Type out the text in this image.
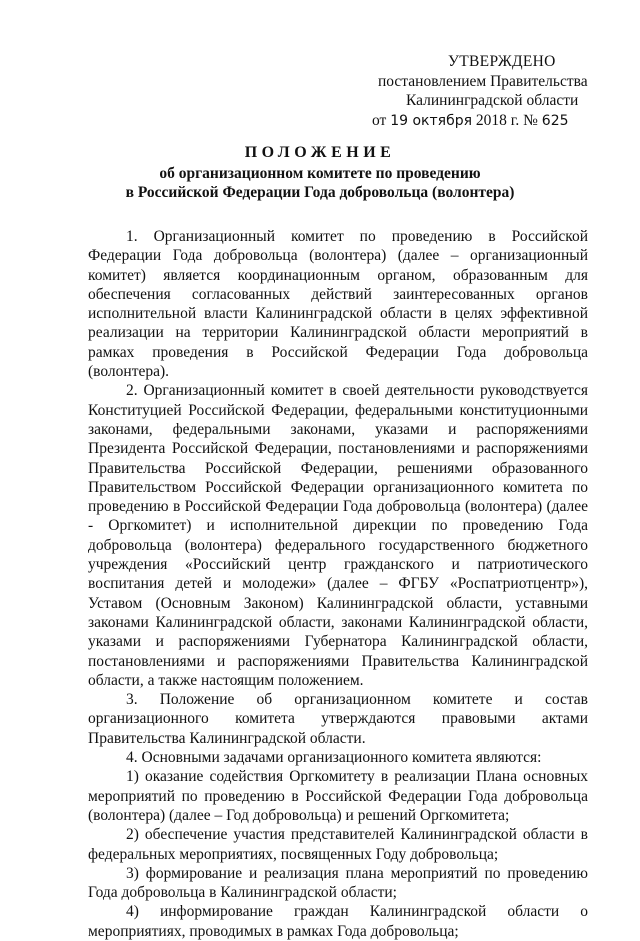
УТВЕРЖДЕНО
постановлением Правительства
Калининградской области
от 19 октября 2018 г. № 625
ПОЛОЖЕНИЕ
об организационном комитете по проведению
в Российской Федерации Года добровольца (волонтера)

1. Организационный комитет по проведению в Российской Федерации Года добровольца (волонтера) (далее – организационный комитет) является координационным органом, образованным для обеспечения согласованных действий заинтересованных органов исполнительной власти Калининградской области в целях эффективной реализации на территории Калининградской области мероприятий в рамках проведения в Российской Федерации Года добровольца (волонтера).

2. Организационный комитет в своей деятельности руководствуется Конституцией Российской Федерации, федеральными конституционными законами, федеральными законами, указами и распоряжениями Президента Российской Федерации, постановлениями и распоряжениями Правительства Российской Федерации, решениями образованного Правительством Российской Федерации организационного комитета по проведению в Российской Федерации Года добровольца (волонтера) (далее - Оргкомитет) и исполнительной дирекции по проведению Года добровольца (волонтера) федерального государственного бюджетного учреждения «Российский центр гражданского и патриотического воспитания детей и молодежи» (далее – ФГБУ «Роспатриотцентр»), Уставом (Основным Законом) Калининградской области, уставными законами Калининградской области, законами Калининградской области, указами и распоряжениями Губернатора Калининградской области, постановлениями и распоряжениями Правительства Калининградской области, а также настоящим положением.

3. Положение об организационном комитете и состав организационного комитета утверждаются правовыми актами Правительства Калининградской области.

4. Основными задачами организационного комитета являются:

1) оказание содействия Оргкомитету в реализации Плана основных мероприятий по проведению в Российской Федерации Года добровольца (волонтера) (далее – Год добровольца) и решений Оргкомитета;

2) обеспечение участия представителей Калининградской области в федеральных мероприятиях, посвященных Году добровольца;

3) формирование и реализация плана мероприятий по проведению Года добровольца в Калининградской области;

4) информирование граждан Калининградской области о мероприятиях, проводимых в рамках Года добровольца;
